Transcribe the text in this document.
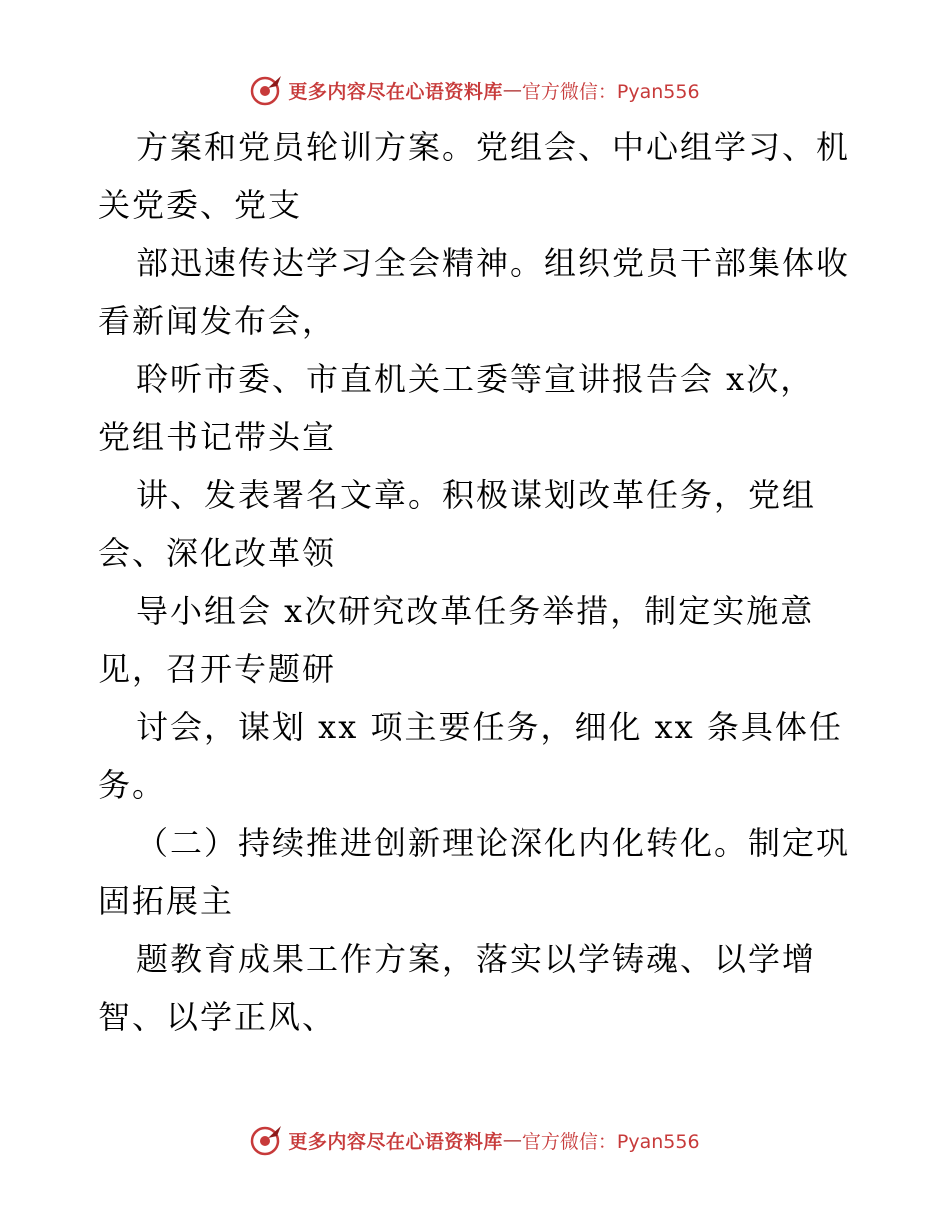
更多内容尽在心语资料库 — 官方微信：Pyan556
方案和党员轮训方案。党组会、中心组学习、机
关党委、党支
部迅速传达学习全会精神。组织党员干部集体收
看新闻发布会，
聆听市委、市直机关工委等宣讲报告会 x次，
党组书记带头宣
讲、发表署名文章。积极谋划改革任务，党组
会、深化改革领
导小组会 x次研究改革任务举措，制定实施意
见，召开专题研
讨会，谋划 xx 项主要任务，细化 xx 条具体任
务。
（二）持续推进创新理论深化内化转化。制定巩
固拓展主
题教育成果工作方案，落实以学铸魂、以学增
智、以学正风、
更多内容尽在心语资料库 — 官方微信：Pyan556
